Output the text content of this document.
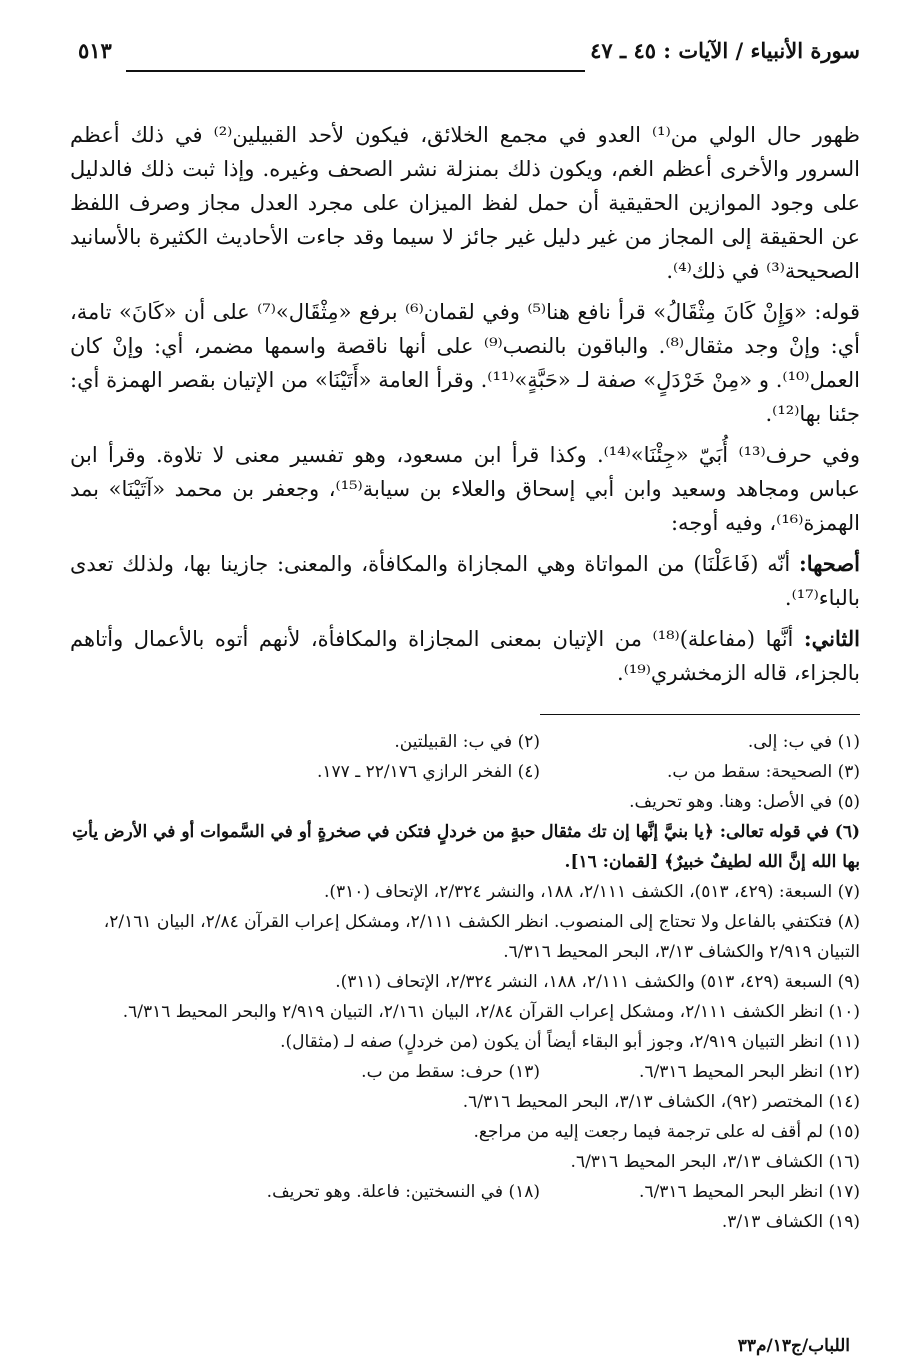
سورة الأنبياء / الآيات : ٤٥ ـ ٤٧
٥١٣

ظهور حال الولي من⁽¹⁾ العدو في مجمع الخلائق، فيكون لأحد القبيلين⁽²⁾ في ذلك أعظم السرور والأخرى أعظم الغم، ويكون ذلك بمنزلة نشر الصحف وغيره. وإذا ثبت ذلك فالدليل على وجود الموازين الحقيقية أن حمل لفظ الميزان على مجرد العدل مجاز وصرف اللفظ عن الحقيقة إلى المجاز من غير دليل غير جائز لا سيما وقد جاءت الأحاديث الكثيرة بالأسانيد الصحيحة⁽³⁾ في ذلك⁽⁴⁾.

قوله: «وَإِنْ كَانَ مِثْقَالُ» قرأ نافع هنا⁽⁵⁾ وفي لقمان⁽⁶⁾ برفع «مِثْقَال»⁽⁷⁾ على أن «كَانَ» تامة، أي: وإنْ وجد مثقال⁽⁸⁾. والباقون بالنصب⁽⁹⁾ على أنها ناقصة واسمها مضمر، أي: وإنْ كان العمل⁽¹⁰⁾. و «مِنْ خَرْدَلٍ» صفة لـ «حَبَّةٍ»⁽¹¹⁾. وقرأ العامة «أَتَيْنَا» من الإتيان بقصر الهمزة أي: جئنا بها⁽¹²⁾.

وفي حرف⁽¹³⁾ أُبَيّ «جِئْنَا»⁽¹⁴⁾. وكذا قرأ ابن مسعود، وهو تفسير معنى لا تلاوة. وقرأ ابن عباس ومجاهد وسعيد وابن أبي إسحاق والعلاء بن سيابة⁽¹⁵⁾، وجعفر بن محمد «آتَيْنَا» بمد الهمزة⁽¹⁶⁾، وفيه أوجه:

أصحها: أنّه (فَاعَلْنَا) من المواتاة وهي المجازاة والمكافأة، والمعنى: جازينا بها، ولذلك تعدى بالباء⁽¹⁷⁾.

الثاني: أنَّها (مفاعلة)⁽¹⁸⁾ من الإتيان بمعنى المجازاة والمكافأة، لأنهم أتوه بالأعمال وأتاهم بالجزاء، قاله الزمخشري⁽¹⁹⁾.

(١) في ب: إلى.
(٢) في ب: القبيلتين.
(٣) الصحيحة: سقط من ب.
(٤) الفخر الرازي ٢٢/١٧٦ ـ ١٧٧.

(٥) في الأصل: وهنا. وهو تحريف.

(٦) في قوله تعالى: ﴿يا بنيَّ إنَّها إن تك مثقال حبةٍ من خردلٍ فتكن في صخرةٍ أو في السَّموات أو في الأرض يأتِ بها الله إنَّ الله لطيفٌ خبيرٌ﴾ [لقمان: ١٦].

(٧) السبعة: (٤٢٩، ٥١٣)، الكشف ٢/١١١، ١٨٨، والنشر ٢/٣٢٤، الإتحاف (٣١٠).

(٨) فتكتفي بالفاعل ولا تحتاج إلى المنصوب. انظر الكشف ٢/١١١، ومشكل إعراب القرآن ٢/٨٤، البيان ٢/١٦١، التبيان ٢/٩١٩ والكشاف ٣/١٣، البحر المحيط ٦/٣١٦.

(٩) السبعة (٤٢٩، ٥١٣) والكشف ٢/١١١، ١٨٨، النشر ٢/٣٢٤، الإتحاف (٣١١).

(١٠) انظر الكشف ٢/١١١، ومشكل إعراب القرآن ٢/٨٤، البيان ٢/١٦١، التبيان ٢/٩١٩ والبحر المحيط ٦/٣١٦.

(١١) انظر التبيان ٢/٩١٩، وجوز أبو البقاء أيضاً أن يكون (من خردلٍ) صفه لـ (مثقال).

(١٢) انظر البحر المحيط ٦/٣١٦.
(١٣) حرف: سقط من ب.

(١٤) المختصر (٩٢)، الكشاف ٣/١٣، البحر المحيط ٦/٣١٦.

(١٥) لم أقف له على ترجمة فيما رجعت إليه من مراجع.

(١٦) الكشاف ٣/١٣، البحر المحيط ٦/٣١٦.

(١٧) انظر البحر المحيط ٦/٣١٦.
(١٨) في النسختين: فاعلة. وهو تحريف.

(١٩) الكشاف ٣/١٣.

اللباب/ج١٣/م٣٣
